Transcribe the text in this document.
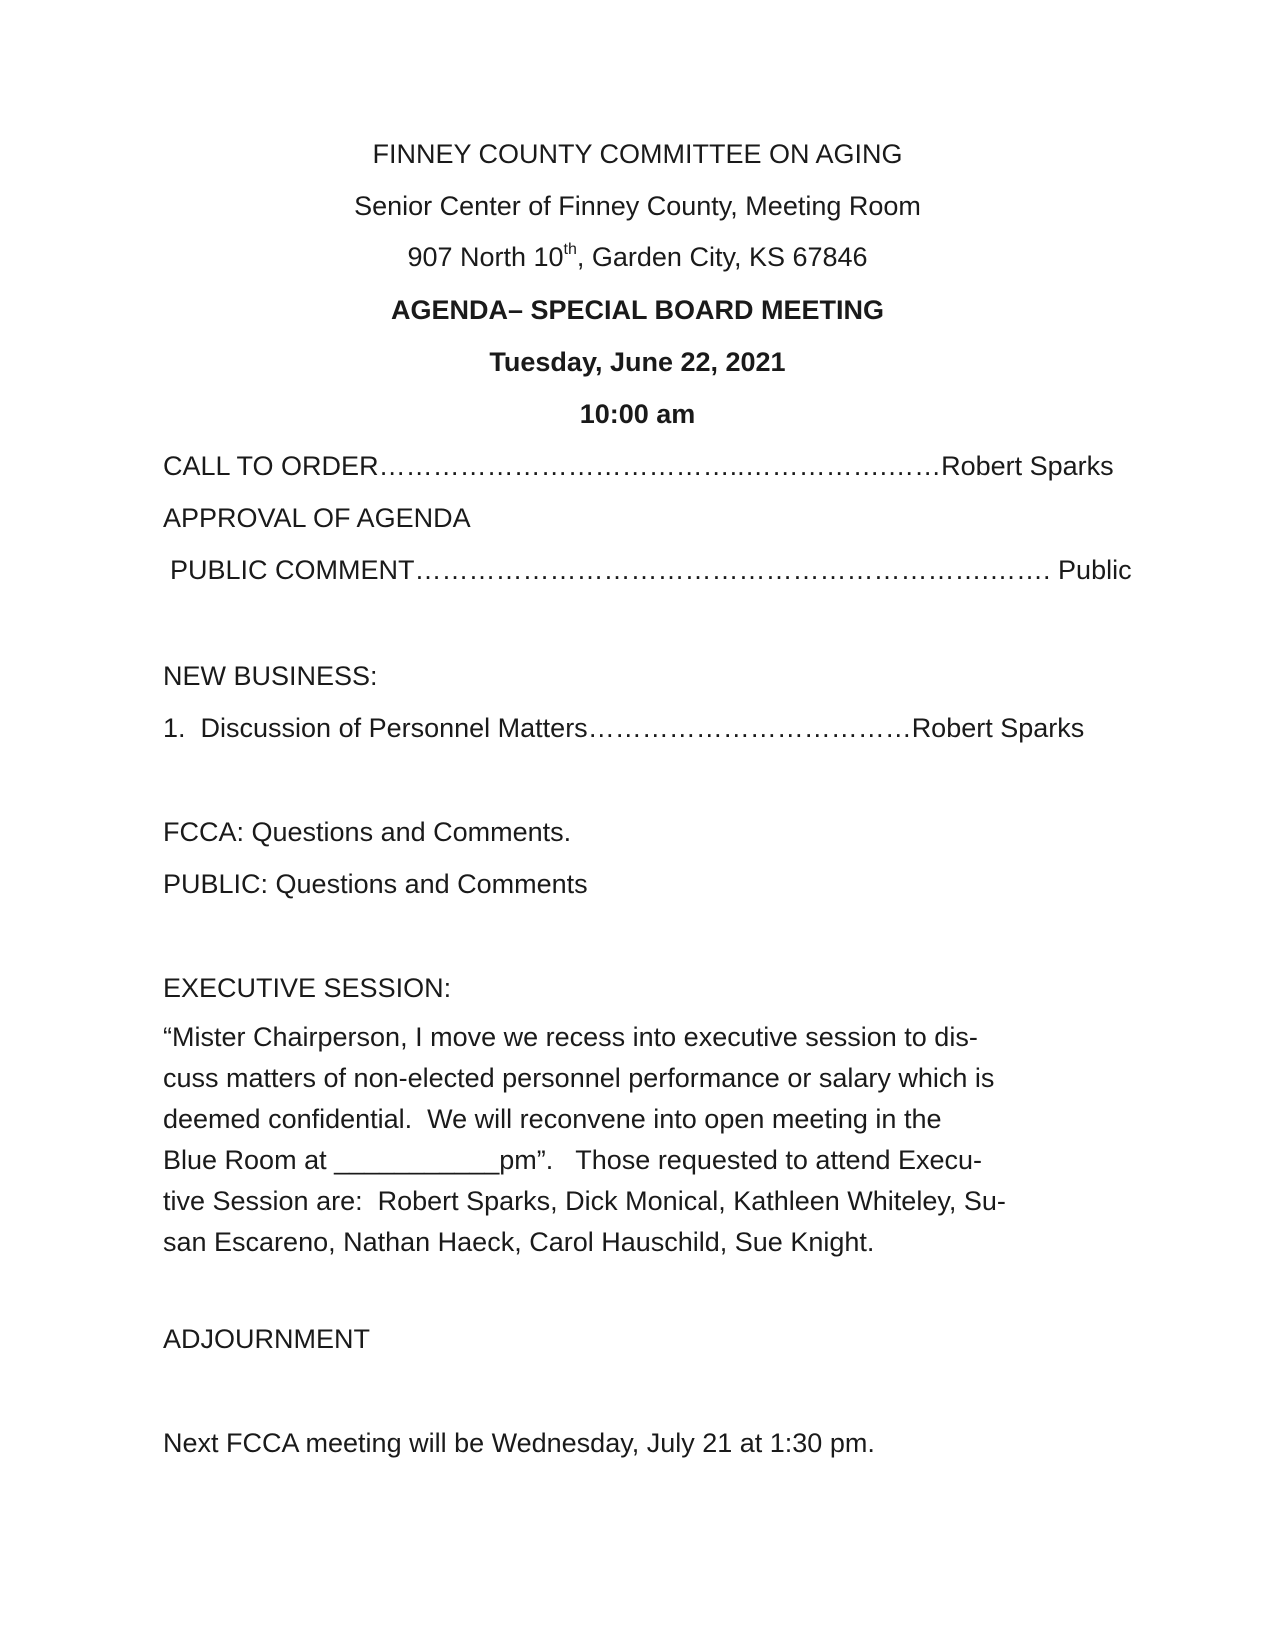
FINNEY COUNTY COMMITTEE ON AGING
Senior Center of Finney County, Meeting Room
907 North 10th, Garden City, KS 67846
AGENDA– SPECIAL BOARD MEETING
Tuesday, June 22, 2021
10:00 am
CALL TO ORDER …………………………………..…………….…… Robert Sparks
APPROVAL OF AGENDA
PUBLIC COMMENT ……………………………………………………….……. Public
NEW BUSINESS:
1.  Discussion of Personnel Matters ……………………………… Robert Sparks
FCCA: Questions and Comments.
PUBLIC: Questions and Comments
EXECUTIVE SESSION:
“Mister Chairperson, I move we recess into executive session to dis-
cuss matters of non-elected personnel performance or salary which is
deemed confidential.  We will reconvene into open meeting in the
Blue Room at ___________pm”.   Those requested to attend Execu-
tive Session are:  Robert Sparks, Dick Monical, Kathleen Whiteley, Su-
san Escareno, Nathan Haeck, Carol Hauschild, Sue Knight.
ADJOURNMENT
Next FCCA meeting will be Wednesday, July 21 at 1:30 pm.
